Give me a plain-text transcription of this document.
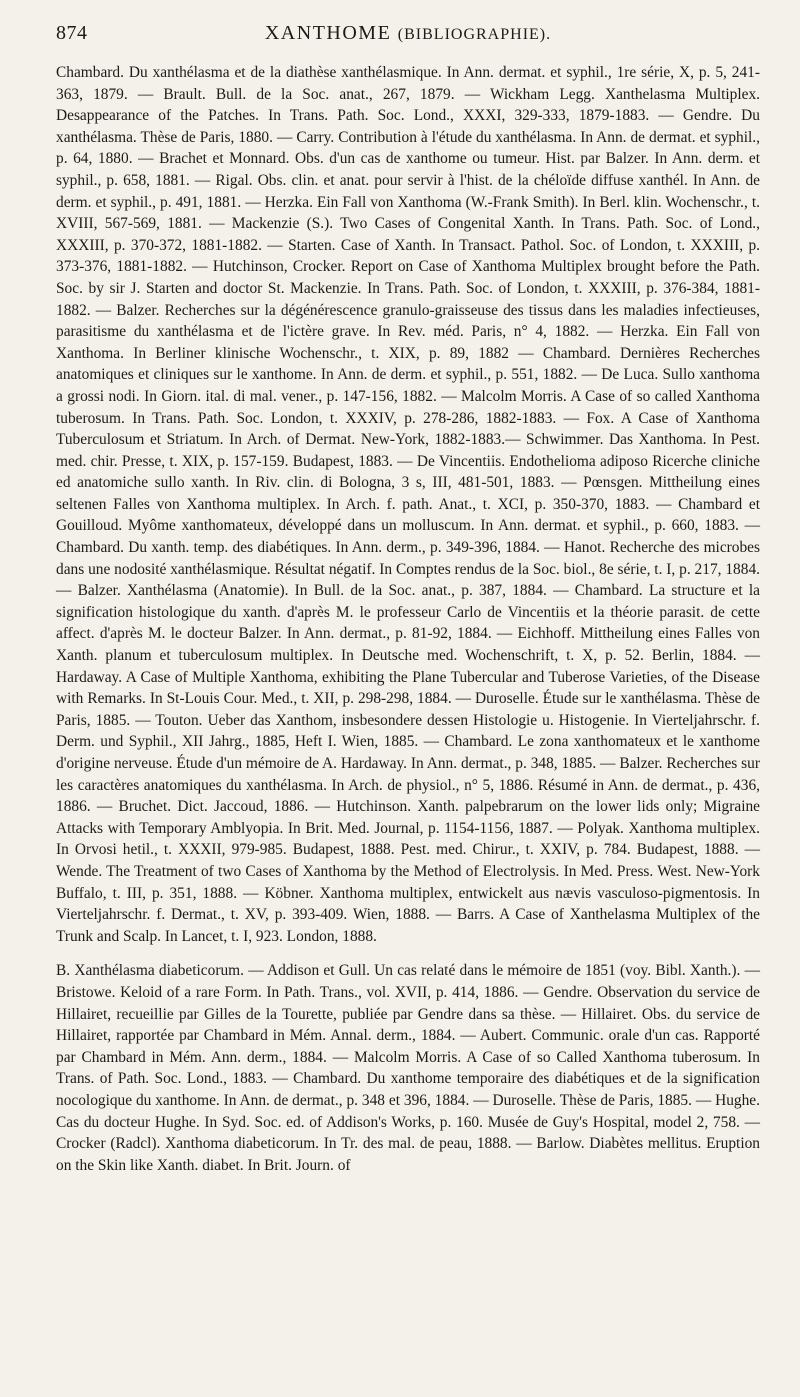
874	XANTHOME (BIBLIOGRAPHIE).

Chambard. Du xanthélasma et de la diathèse xanthélasmique. In Ann. dermat. et syphil., 1re série, X, p. 5, 241-363, 1879. — Brault. Bull. de la Soc. anat., 267, 1879. — Wickham Legg. Xanthelasma Multiplex. Desappearance of the Patches. In Trans. Path. Soc. Lond., XXXI, 329-333, 1879-1883. — Gendre. Du xanthélasma. Thèse de Paris, 1880. — Carry. Contribution à l'étude du xanthélasma. In Ann. de dermat. et syphil., p. 64, 1880. — Brachet et Monnard. Obs. d'un cas de xanthome ou tumeur. Hist. par Balzer. In Ann. derm. et syphil., p. 658, 1881. — Rigal. Obs. clin. et anat. pour servir à l'hist. de la chéloïde diffuse xanthél. In Ann. de derm. et syphil., p. 491, 1881. — Herzka. Ein Fall von Xanthoma (W.-Frank Smith). In Berl. klin. Wochenschr., t. XVIII, 567-569, 1881. — Mackenzie (S.). Two Cases of Congenital Xanth. In Trans. Path. Soc. of Lond., XXXIII, p. 370-372, 1881-1882. — Starten. Case of Xanth. In Transact. Pathol. Soc. of London, t. XXXIII, p. 373-376, 1881-1882. — Hutchinson, Crocker. Report on Case of Xanthoma Multiplex brought before the Path. Soc. by sir J. Starten and doctor St. Mackenzie. In Trans. Path. Soc. of London, t. XXXIII, p. 376-384, 1881-1882. — Balzer. Recherches sur la dégénérescence granulo-graisseuse des tissus dans les maladies infectieuses, parasitisme du xanthélasma et de l'ictère grave. In Rev. méd. Paris, n° 4, 1882. — Herzka. Ein Fall von Xanthoma. In Berliner klinische Wochenschr., t. XIX, p. 89, 1882 — Chambard. Dernières Recherches anatomiques et cliniques sur le xanthome. In Ann. de derm. et syphil., p. 551, 1882. — De Luca. Sullo xanthoma a grossi nodi. In Giorn. ital. di mal. vener., p. 147-156, 1882. — Malcolm Morris. A Case of so called Xanthoma tuberosum. In Trans. Path. Soc. London, t. XXXIV, p. 278-286, 1882-1883. — Fox. A Case of Xanthoma Tuberculosum et Striatum. In Arch. of Dermat. New-York, 1882-1883.— Schwimmer. Das Xanthoma. In Pest. med. chir. Presse, t. XIX, p. 157-159. Budapest, 1883. — De Vincentiis. Endothelioma adiposo Ricerche cliniche ed anatomiche sullo xanth. In Riv. clin. di Bologna, 3 s, III, 481-501, 1883. — Pœnsgen. Mittheilung eines seltenen Falles von Xanthoma multiplex. In Arch. f. path. Anat., t. XCI, p. 350-370, 1883. — Chambard et Gouilloud. Myôme xanthomateux, développé dans un molluscum. In Ann. dermat. et syphil., p. 660, 1883. — Chambard. Du xanth. temp. des diabétiques. In Ann. derm., p. 349-396, 1884. — Hanot. Recherche des microbes dans une nodosité xanthélasmique. Résultat négatif. In Comptes rendus de la Soc. biol., 8e série, t. I, p. 217, 1884. — Balzer. Xanthélasma (Anatomie). In Bull. de la Soc. anat., p. 387, 1884. — Chambard. La structure et la signification histologique du xanth. d'après M. le professeur Carlo de Vincentiis et la théorie parasit. de cette affect. d'après M. le docteur Balzer. In Ann. dermat., p. 81-92, 1884. — Eichhoff. Mittheilung eines Falles von Xanth. planum et tuberculosum multiplex. In Deutsche med. Wochenschrift, t. X, p. 52. Berlin, 1884. — Hardaway. A Case of Multiple Xanthoma, exhibiting the Plane Tubercular and Tuberose Varieties, of the Disease with Remarks. In St-Louis Cour. Med., t. XII, p. 298-298, 1884. — Duroselle. Étude sur le xanthélasma. Thèse de Paris, 1885. — Touton. Ueber das Xanthom, insbesondere dessen Histologie u. Histogenie. In Vierteljahrschr. f. Derm. und Syphil., XII Jahrg., 1885, Heft I. Wien, 1885. — Chambard. Le zona xanthomateux et le xanthome d'origine nerveuse. Étude d'un mémoire de A. Hardaway. In Ann. dermat., p. 348, 1885. — Balzer. Recherches sur les caractères anatomiques du xanthélasma. In Arch. de physiol., n° 5, 1886. Résumé in Ann. de dermat., p. 436, 1886. — Bruchet. Dict. Jaccoud, 1886. — Hutchinson. Xanth. palpebrarum on the lower lids only; Migraine Attacks with Temporary Amblyopia. In Brit. Med. Journal, p. 1154-1156, 1887. — Polyak. Xanthoma multiplex. In Orvosi hetil., t. XXXII, 979-985. Budapest, 1888. Pest. med. Chirur., t. XXIV, p. 784. Budapest, 1888. — Wende. The Treatment of two Cases of Xanthoma by the Method of Electrolysis. In Med. Press. West. New-York Buffalo, t. III, p. 351, 1888. — Köbner. Xanthoma multiplex, entwickelt aus nævis vasculoso-pigmentosis. In Vierteljahrschr. f. Dermat., t. XV, p. 393-409. Wien, 1888. — Barrs. A Case of Xanthelasma Multiplex of the Trunk and Scalp. In Lancet, t. I, 923. London, 1888.

B. Xanthélasma diabeticorum. — Addison et Gull. Un cas relaté dans le mémoire de 1851 (voy. Bibl. Xanth.). — Bristowe. Keloid of a rare Form. In Path. Trans., vol. XVII, p. 414, 1886. — Gendre. Observation du service de Hillairet, recueillie par Gilles de la Tourette, publiée par Gendre dans sa thèse. — Hillairet. Obs. du service de Hillairet, rapportée par Chambard in Mém. Annal. derm., 1884. — Aubert. Communic. orale d'un cas. Rapporté par Chambard in Mém. Ann. derm., 1884. — Malcolm Morris. A Case of so Called Xanthoma tuberosum. In Trans. of Path. Soc. Lond., 1883. — Chambard. Du xanthome temporaire des diabétiques et de la signification nocologique du xanthome. In Ann. de dermat., p. 348 et 396, 1884. — Duroselle. Thèse de Paris, 1885. — Hughe. Cas du docteur Hughe. In Syd. Soc. ed. of Addison's Works, p. 160. Musée de Guy's Hospital, model 2, 758. — Crocker (Radcl). Xanthoma diabeticorum. In Tr. des mal. de peau, 1888. — Barlow. Diabètes mellitus. Eruption on the Skin like Xanth. diabet. In Brit. Journ. of
